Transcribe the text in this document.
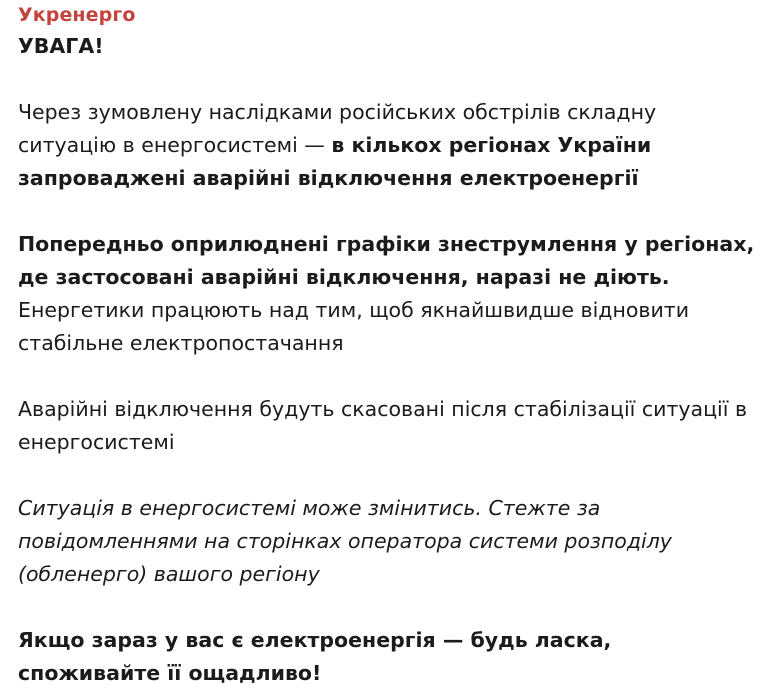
Укренерго
УВАГА!

Через зумовлену наслідками російських обстрілів складну ситуацію в енергосистемі — в кількох регіонах України запроваджені аварійні відключення електроенергії

Попередньо оприлюднені графіки знеструмлення у регіонах, де застосовані аварійні відключення, наразі не діють. Енергетики працюють над тим, щоб якнайшвидше відновити стабільне електропостачання

Аварійні відключення будуть скасовані після стабілізації ситуації в енергосистемі

Ситуація в енергосистемі може змінитись. Стежте за повідомленнями на сторінках оператора системи розподілу (обленерго) вашого регіону

Якщо зараз у вас є електроенергія — будь ласка, споживайте її ощадливо!
